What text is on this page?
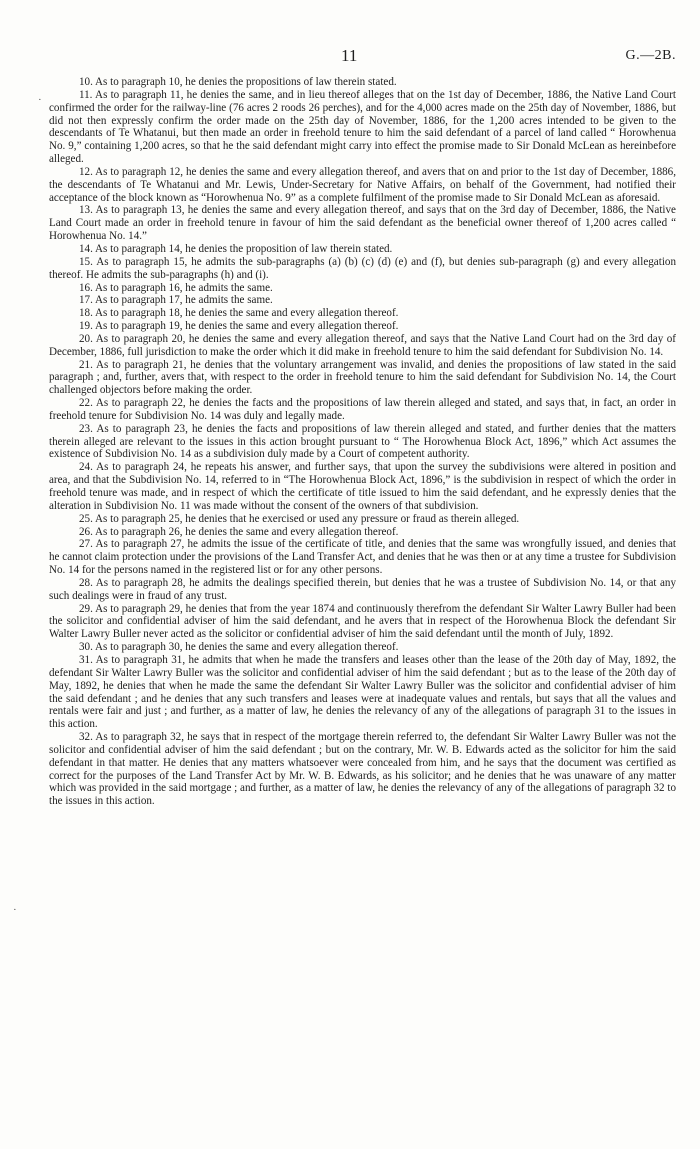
11	G.—2B.
·
·

10. As to paragraph 10, he denies the propositions of law therein stated.

11. As to paragraph 11, he denies the same, and in lieu thereof alleges that on the 1st day of December, 1886, the Native Land Court confirmed the order for the railway-line (76 acres 2 roods 26 perches), and for the 4,000 acres made on the 25th day of November, 1886, but did not then expressly confirm the order made on the 25th day of November, 1886, for the 1,200 acres intended to be given to the descendants of Te Whatanui, but then made an order in freehold tenure to him the said defendant of a parcel of land called “ Horowhenua No. 9,” containing 1,200 acres, so that he the said defendant might carry into effect the promise made to Sir Donald McLean as hereinbefore alleged.

12. As to paragraph 12, he denies the same and every allegation thereof, and avers that on and prior to the 1st day of December, 1886, the descendants of Te Whatanui and Mr. Lewis, Under-Secretary for Native Affairs, on behalf of the Government, had notified their acceptance of the block known as “Horowhenua No. 9” as a complete fulfilment of the promise made to Sir Donald McLean as aforesaid.

13. As to paragraph 13, he denies the same and every allegation thereof, and says that on the 3rd day of December, 1886, the Native Land Court made an order in freehold tenure in favour of him the said defendant as the beneficial owner thereof of 1,200 acres called “ Horowhenua No. 14.”

14. As to paragraph 14, he denies the proposition of law therein stated.

15. As to paragraph 15, he admits the sub-paragraphs (a) (b) (c) (d) (e) and (f), but denies sub-paragraph (g) and every allegation thereof. He admits the sub-paragraphs (h) and (i).

16. As to paragraph 16, he admits the same.

17. As to paragraph 17, he admits the same.

18. As to paragraph 18, he denies the same and every allegation thereof.

19. As to paragraph 19, he denies the same and every allegation thereof.

20. As to paragraph 20, he denies the same and every allegation thereof, and says that the Native Land Court had on the 3rd day of December, 1886, full jurisdiction to make the order which it did make in freehold tenure to him the said defendant for Subdivision No. 14.

21. As to paragraph 21, he denies that the voluntary arrangement was invalid, and denies the propositions of law stated in the said paragraph ; and, further, avers that, with respect to the order in freehold tenure to him the said defendant for Subdivision No. 14, the Court challenged objectors before making the order.

22. As to paragraph 22, he denies the facts and the propositions of law therein alleged and stated, and says that, in fact, an order in freehold tenure for Subdivision No. 14 was duly and legally made.

23. As to paragraph 23, he denies the facts and propositions of law therein alleged and stated, and further denies that the matters therein alleged are relevant to the issues in this action brought pursuant to “ The Horowhenua Block Act, 1896,” which Act assumes the existence of Subdivision No. 14 as a subdivision duly made by a Court of competent authority.

24. As to paragraph 24, he repeats his answer, and further says, that upon the survey the subdivisions were altered in position and area, and that the Subdivision No. 14, referred to in “The Horowhenua Block Act, 1896,” is the subdivision in respect of which the order in freehold tenure was made, and in respect of which the certificate of title issued to him the said defendant, and he expressly denies that the alteration in Subdivision No. 11 was made without the consent of the owners of that subdivision.

25. As to paragraph 25, he denies that he exercised or used any pressure or fraud as therein alleged.

26. As to paragraph 26, he denies the same and every allegation thereof.

27. As to paragraph 27, he admits the issue of the certificate of title, and denies that the same was wrongfully issued, and denies that he cannot claim protection under the provisions of the Land Transfer Act, and denies that he was then or at any time a trustee for Subdivision No. 14 for the persons named in the registered list or for any other persons.

28. As to paragraph 28, he admits the dealings specified therein, but denies that he was a trustee of Subdivision No. 14, or that any such dealings were in fraud of any trust.

29. As to paragraph 29, he denies that from the year 1874 and continuously therefrom the defendant Sir Walter Lawry Buller had been the solicitor and confidential adviser of him the said defendant, and he avers that in respect of the Horowhenua Block the defendant Sir Walter Lawry Buller never acted as the solicitor or confidential adviser of him the said defendant until the month of July, 1892.

30. As to paragraph 30, he denies the same and every allegation thereof.

31. As to paragraph 31, he admits that when he made the transfers and leases other than the lease of the 20th day of May, 1892, the defendant Sir Walter Lawry Buller was the solicitor and confidential adviser of him the said defendant ; but as to the lease of the 20th day of May, 1892, he denies that when he made the same the defendant Sir Walter Lawry Buller was the solicitor and confidential adviser of him the said defendant ; and he denies that any such transfers and leases were at inadequate values and rentals, but says that all the values and rentals were fair and just ; and further, as a matter of law, he denies the relevancy of any of the allegations of paragraph 31 to the issues in this action.

32. As to paragraph 32, he says that in respect of the mortgage therein referred to, the defendant Sir Walter Lawry Buller was not the solicitor and confidential adviser of him the said defendant ; but on the contrary, Mr. W. B. Edwards acted as the solicitor for him the said defendant in that matter. He denies that any matters whatsoever were concealed from him, and he says that the document was certified as correct for the purposes of the Land Transfer Act by Mr. W. B. Edwards, as his solicitor; and he denies that he was unaware of any matter which was provided in the said mortgage ; and further, as a matter of law, he denies the relevancy of any of the allegations of paragraph 32 to the issues in this action.
